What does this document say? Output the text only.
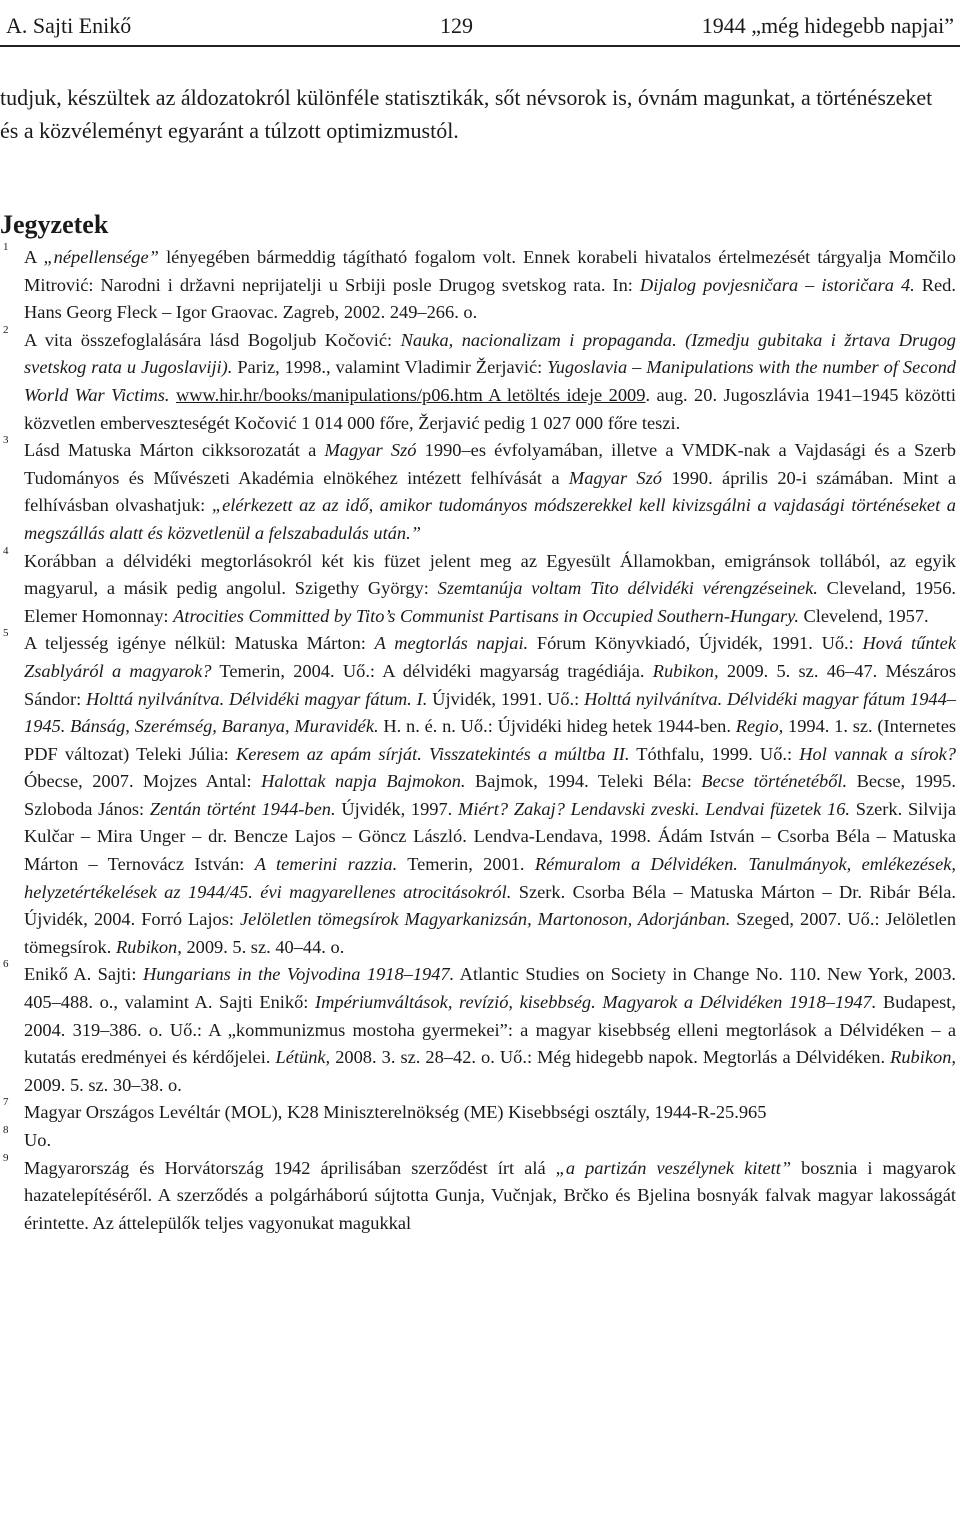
A. Sajti Enikő	129	1944 „még hidegebb napjai”

tudjuk, készültek az áldozatokról különféle statisztikák, sőt névsorok is, óvnám magunkat, a történészeket és a közvéleményt egyaránt a túlzott optimizmustól.

Jegyzetek
1 A „népellensége” lényegében bármeddig tágítható fogalom volt. Ennek korabeli hivatalos értelmezését tárgyalja Momčilo Mitrović: Narodni i državni neprijatelji u Srbiji posle Drugog svetskog rata. In: Dijalog povjesničara – istoričara 4. Red. Hans Georg Fleck – Igor Graovac. Zagreb, 2002. 249–266. o.
2 A vita összefoglalására lásd Bogoljub Kočović: Nauka, nacionalizam i propaganda. (Izmedju gubitaka i žrtava Drugog svetskog rata u Jugoslaviji). Pariz, 1998., valamint Vladimir Žerjavić: Yugoslavia – Manipulations with the number of Second World War Victims. www.hir.hr/books/manipulations/p06.htm A letöltés ideje 2009. aug. 20. Jugoszlávia 1941–1945 közötti közvetlen emberveszteségét Kočović 1 014 000 főre, Žerjavić pedig 1 027 000 főre teszi.
3 Lásd Matuska Márton cikksorozatát a Magyar Szó 1990–es évfolyamában, illetve a VMDK-nak a Vajdasági és a Szerb Tudományos és Művészeti Akadémia elnökéhez intézett felhívását a Magyar Szó 1990. április 20-i számában. Mint a felhívásban olvashatjuk: „elérkezett az az idő, amikor tudományos módszerekkel kell kivizsgálni a vajdasági történéseket a megszállás alatt és közvetlenül a felszabadulás után.”
4 Korábban a délvidéki megtorlásokról két kis füzet jelent meg az Egyesült Államokban, emigránsok tollából, az egyik magyarul, a másik pedig angolul. Szigethy György: Szemtanúja voltam Tito délvidéki vérengzéseinek. Cleveland, 1956. Elemer Homonnay: Atrocities Committed by Tito’s Communist Partisans in Occupied Southern-Hungary. Clevelend, 1957.
5 A teljesség igénye nélkül: Matuska Márton: A megtorlás napjai. Fórum Könyvkiadó, Újvidék, 1991. Uő.: Hová tűntek Zsablyáról a magyarok? Temerin, 2004. Uő.: A délvidéki magyarság tragédiája. Rubikon, 2009. 5. sz. 46–47. Mészáros Sándor: Holttá nyilvánítva. Délvidéki magyar fátum. I. Újvidék, 1991. Uő.: Holttá nyilvánítva. Délvidéki magyar fátum 1944–1945. Bánság, Szerémség, Baranya, Muravidék. H. n. é. n. Uő.: Újvidéki hideg hetek 1944-ben. Regio, 1994. 1. sz. (Internetes PDF változat) Teleki Júlia: Keresem az apám sírját. Visszatekintés a múltba II. Tóthfalu, 1999. Uő.: Hol vannak a sírok? Óbecse, 2007. Mojzes Antal: Halottak napja Bajmokon. Bajmok, 1994. Teleki Béla: Becse történetéből. Becse, 1995. Szloboda János: Zentán történt 1944-ben. Újvidék, 1997. Miért? Zakaj? Lendavski zveski. Lendvai füzetek 16. Szerk. Silvija Kulčar – Mira Unger – dr. Bencze Lajos – Göncz László. Lendva-Lendava, 1998. Ádám István – Csorba Béla – Matuska Márton – Ternovácz István: A temerini razzia. Temerin, 2001. Rémuralom a Délvidéken. Tanulmányok, emlékezések, helyzetértékelések az 1944/45. évi magyarellenes atrocitásokról. Szerk. Csorba Béla – Matuska Márton – Dr. Ribár Béla. Újvidék, 2004. Forró Lajos: Jelöletlen tömegsírok Magyarkanizsán, Martonoson, Adorjánban. Szeged, 2007. Uő.: Jelöletlen tömegsírok. Rubikon, 2009. 5. sz. 40–44. o.
6 Enikő A. Sajti: Hungarians in the Vojvodina 1918–1947. Atlantic Studies on Society in Change No. 110. New York, 2003. 405–488. o., valamint A. Sajti Enikő: Impériumváltások, revízió, kisebbség. Magyarok a Délvidéken 1918–1947. Budapest, 2004. 319–386. o. Uő.: A „kommunizmus mostoha gyermekei”: a magyar kisebbség elleni megtorlások a Délvidéken – a kutatás eredményei és kérdőjelei. Létünk, 2008. 3. sz. 28–42. o. Uő.: Még hidegebb napok. Megtorlás a Délvidéken. Rubikon, 2009. 5. sz. 30–38. o.
7 Magyar Országos Levéltár (MOL), K28 Miniszterelnökség (ME) Kisebbségi osztály, 1944-R-25.965
8 Uo.
9 Magyarország és Horvátország 1942 áprilisában szerződést írt alá „a partizán veszélynek kitett” bosznia i magyarok hazatelepítéséről. A szerződés a polgárháború sújtotta Gunja, Vučnjak, Brčko és Bjelina bosnyák falvak magyar lakosságát érintette. Az áttelepülők teljes vagyonukat magukkal
